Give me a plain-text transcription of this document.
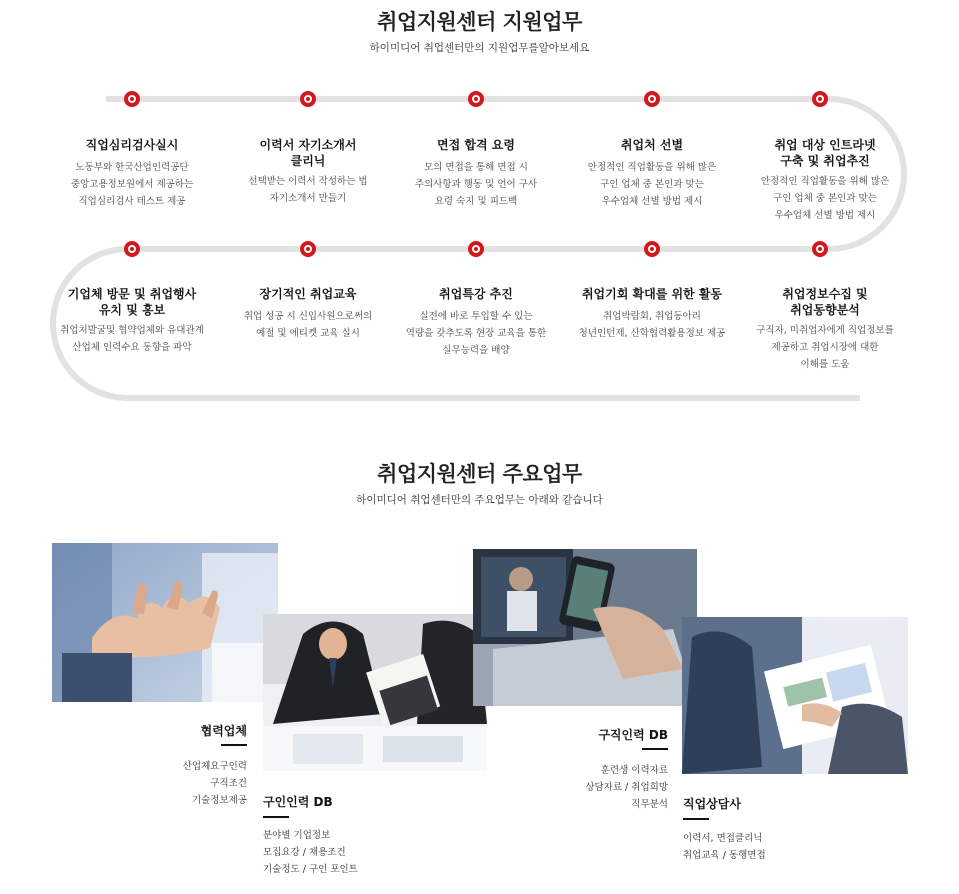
취업지원센터 지원업무
하이미디어 취업센터만의 지원업무를알아보세요
직업심리검사실시
노동부와 한국산업인력공단
중앙고용정보원에서 제공하는
직업심리검사 테스트 제공
이력서 자기소개서
클리닉
선택받는 이력서 작성하는 법
자기소개서 만들기
면접 합격 요령
모의 면접을 통해 면접 시
주의사항과 행동 및 언어 구사
요령 숙지 및 피드백
취업처 선별
안정적인 직업활동을 위해 많은
구인 업체 중 본인과 맞는
우수업체 선별 방법 제시
취업 대상 인트라넷
구축 및 취업추진
안정적인 직업활동을 위해 많은
구인 업체 중 본인과 맞는
우수업체 선별 방법 제시
기업체 방문 및 취업행사
유치 및 홍보
취업처발굴및 협약업체와 유대관계
산업체 인력수요 동향을 파악
장기적인 취업교육
취업 성공 시 신입사원으로써의
예절 및 에티켓 교육 실시
취업특강 추진
실전에 바로 투입할 수 있는
역량을 갖추도록 현장 교육을 통한
실무능력을 배양
취업기회 확대를 위한 활동
취업박람회, 취업동아리
청년인턴제, 산학협력활용정보 제공
취업정보수집 및
취업동향분석
구직자, 미취업자에게 직업정보를
제공하고 취업시장에 대한
이해를 도움
취업지원센터 주요업무
하이미디어 취업센터만의 주요업무는 아래와 같습니다
협력업체
산업체요구인력
구직조건
기술정보제공 구인인력 DB
분야별 기업정보
모집요강 / 채용조건
기술정도 / 구인 포인트
구직인력 DB
훈련생 이력자료
상담자료 / 취업희망
직무분석 직업상담사
이력서, 면접클리닉
취업교육 / 동행면접
